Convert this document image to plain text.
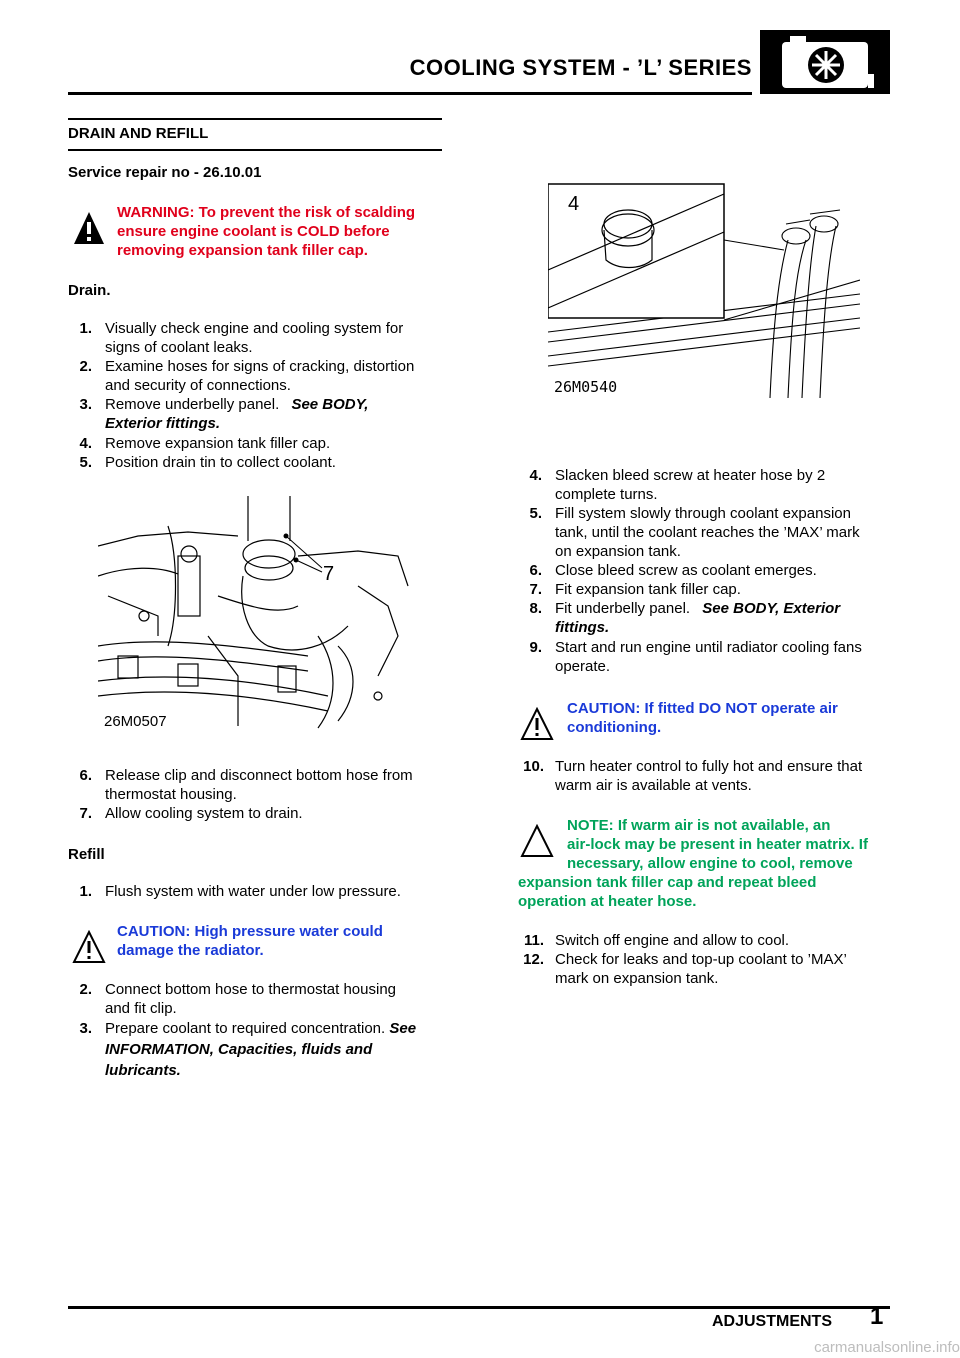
COOLING SYSTEM - ’L’ SERIES
DRAIN AND REFILL
Service repair no - 26.10.01
WARNING: To prevent the risk of scalding
ensure engine coolant is COLD before
removing expansion tank filler cap.
Drain.
1. Visually check engine and cooling system for
signs of coolant leaks.
2. Examine hoses for signs of cracking, distortion
and security of connections.
3. Remove underbelly panel. See BODY,
Exterior fittings.
4. Remove expansion tank filler cap.
5. Position drain tin to collect coolant.
26M0507
7
6. Release clip and disconnect bottom hose from
thermostat housing.
7. Allow cooling system to drain.
Refill
1. Flush system with water under low pressure.
CAUTION: High pressure water could
damage the radiator.
2. Connect bottom hose to thermostat housing
and fit clip.
3. Prepare coolant to required concentration. See
INFORMATION, Capacities, fluids and
lubricants.
4
26M0540
4. Slacken bleed screw at heater hose by 2
complete turns.
5. Fill system slowly through coolant expansion
tank, until the coolant reaches the ’MAX’ mark
on expansion tank.
6. Close bleed screw as coolant emerges.
7. Fit expansion tank filler cap.
8. Fit underbelly panel. See BODY, Exterior
fittings.
9. Start and run engine until radiator cooling fans
operate.
CAUTION: If fitted DO NOT operate air
conditioning.
10. Turn heater control to fully hot and ensure that
warm air is available at vents.
NOTE: If warm air is not available, an
air-lock may be present in heater matrix. If
necessary, allow engine to cool, remove
expansion tank filler cap and repeat bleed
operation at heater hose.
11. Switch off engine and allow to cool.
12. Check for leaks and top-up coolant to ’MAX’
mark on expansion tank.
ADJUSTMENTS 1
carmanualsonline.info
